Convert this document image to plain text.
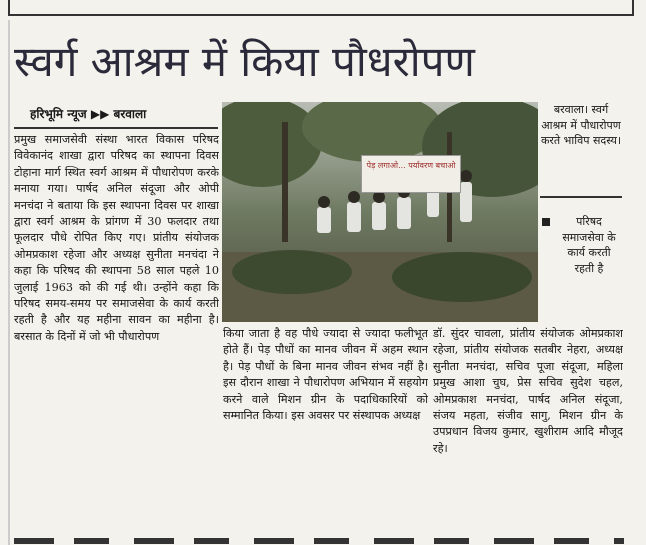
स्वर्ग आश्रम में किया पौधरोपण
हरिभूमि न्यूज ▶▶ बरवाला
प्रमुख समाजसेवी संस्था भारत विकास परिषद विवेकानंद शाखा द्वारा परिषद का स्थापना दिवस टोहाना मार्ग स्थित स्वर्ग आश्रम में पौधारोपण करके मनाया गया। पार्षद अनिल संदूजा और ओपी मनचंदा ने बताया कि इस स्थापना दिवस पर शाखा द्वारा स्वर्ग आश्रम के प्रांगण में 30 फलदार तथा फूलदार पौधे रोपित किए गए। प्रांतीय संयोजक ओमप्रकाश रहेजा और अध्यक्ष सुनीता मनचंदा ने कहा कि परिषद की स्थापना 58 साल पहले 10 जुलाई 1963 को की गई थी। उन्होंने कहा कि परिषद समय-समय पर समाजसेवा के कार्य करती रहती है और यह महीना सावन का महीना है। बरसात के दिनों में जो भी पौधारोपण
पेड़ लगाओ... पर्यावरण बचाओ
बरवाला। स्वर्ग आश्रम में पौधारोपण करते भाविप सदस्य।
परिषद समाजसेवा के कार्य करती रहती है
किया जाता है वह पौधे ज्यादा से ज्यादा फलीभूत होते हैं। पेड़ पौधों का मानव जीवन में अहम स्थान है। पेड़ पौधों के बिना मानव जीवन संभव नहीं है। इस दौरान शाखा ने पौधारोपण अभियान में सहयोग करने वाले मिशन ग्रीन के पदाधिकारियों को सम्मानित किया। इस अवसर पर संस्थापक अध्यक्ष
डॉ. सुंदर चावला, प्रांतीय संयोजक ओमप्रकाश रहेजा, प्रांतीय संयोजक सतबीर नेहरा, अध्यक्ष सुनीता मनचंदा, सचिव पूजा संदूजा, महिला प्रमुख आशा चुघ, प्रेस सचिव सुदेश चहल, ओमप्रकाश मनचंदा, पार्षद अनिल संदूजा, संजय महता, संजीव सागु, मिशन ग्रीन के उपप्रधान विजय कुमार, खुशीराम आदि मौजूद रहे।
